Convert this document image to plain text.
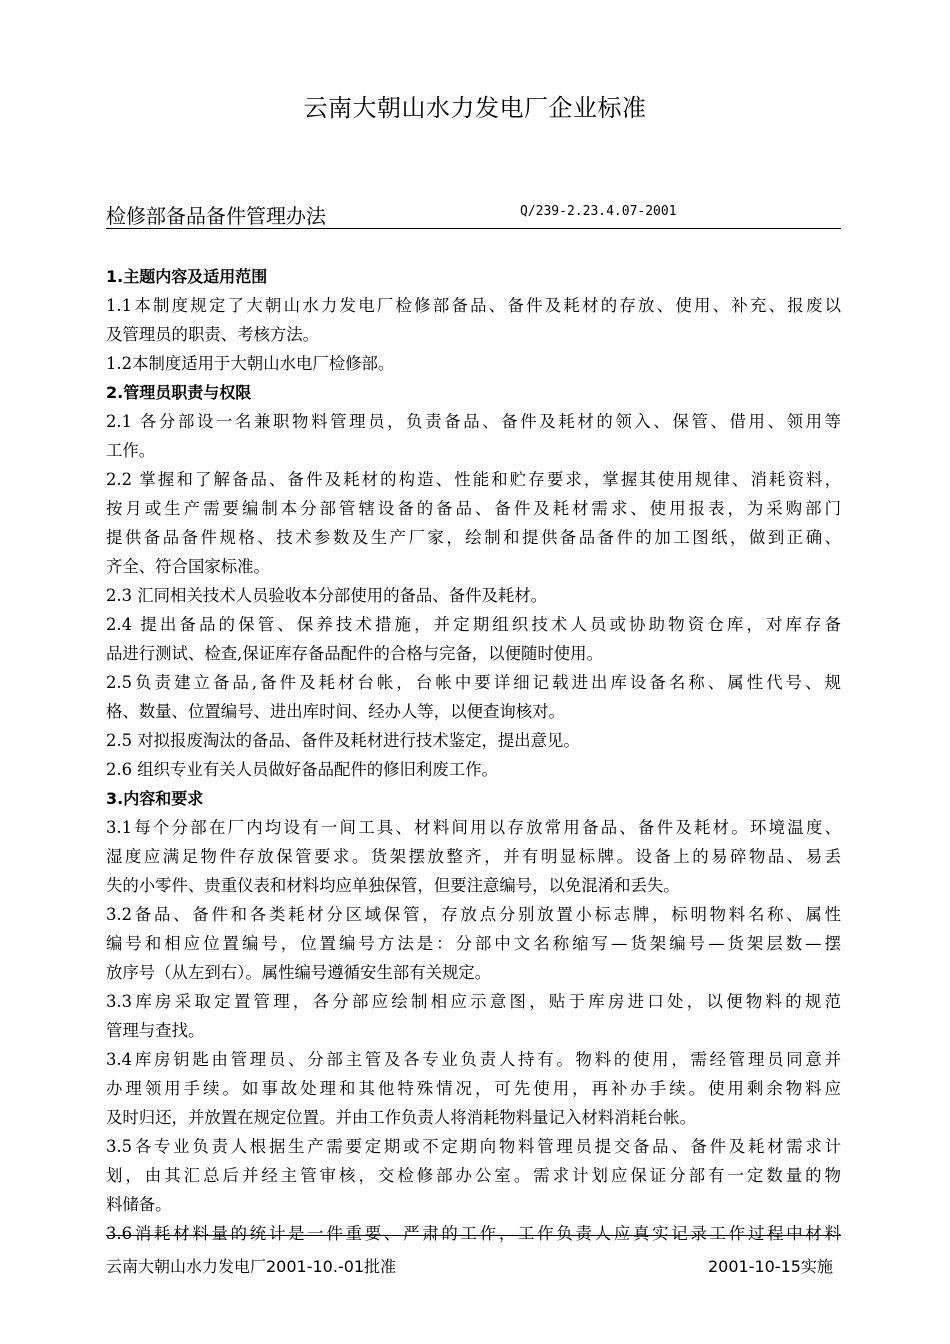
云南大朝山水力发电厂企业标准
检修部备品备件管理办法	Q/239-2.23.4.07-2001
1.主题内容及适用范围
1.1本制度规定了大朝山水力发电厂检修部备品、备件及耗材的存放、使用、补充、报废以
及管理员的职责、考核方法。
1.2本制度适用于大朝山水电厂检修部。
2.管理员职责与权限
2.1 各分部设一名兼职物料管理员，负责备品、备件及耗材的领入、保管、借用、领用等
工作。
2.2 掌握和了解备品、备件及耗材的构造、性能和贮存要求，掌握其使用规律、消耗资料，
按月或生产需要编制本分部管辖设备的备品、备件及耗材需求、使用报表，为采购部门
提供备品备件规格、技术参数及生产厂家，绘制和提供备品备件的加工图纸，做到正确、
齐全、符合国家标准。
2.3 汇同相关技术人员验收本分部使用的备品、备件及耗材。
2.4 提出备品的保管、保养技术措施，并定期组织技术人员或协助物资仓库，对库存备
品进行测试、检查,保证库存备品配件的合格与完备，以便随时使用。
2.5负责建立备品,备件及耗材台帐，台帐中要详细记载进出库设备名称、属性代号、规
格、数量、位置编号、进出库时间、经办人等，以便查询核对。
2.5 对拟报废淘汰的备品、备件及耗材进行技术鉴定，提出意见。
2.6 组织专业有关人员做好备品配件的修旧利废工作。
3.内容和要求
3.1每个分部在厂内均设有一间工具、材料间用以存放常用备品、备件及耗材。环境温度、
湿度应满足物件存放保管要求。货架摆放整齐，并有明显标牌。设备上的易碎物品、易丢
失的小零件、贵重仪表和材料均应单独保管，但要注意编号，以免混淆和丢失。
3.2备品、备件和各类耗材分区域保管，存放点分别放置小标志牌，标明物料名称、属性
编号和相应位置编号，位置编号方法是：分部中文名称缩写—货架编号—货架层数—摆
放序号（从左到右）。属性编号遵循安生部有关规定。
3.3库房采取定置管理，各分部应绘制相应示意图，贴于库房进口处，以便物料的规范
管理与查找。
3.4库房钥匙由管理员、分部主管及各专业负责人持有。物料的使用，需经管理员同意并
办理领用手续。如事故处理和其他特殊情况，可先使用，再补办手续。使用剩余物料应
及时归还，并放置在规定位置。并由工作负责人将消耗物料量记入材料消耗台帐。
3.5各专业负责人根据生产需要定期或不定期向物料管理员提交备品、备件及耗材需求计
划，由其汇总后并经主管审核，交检修部办公室。需求计划应保证分部有一定数量的物
料储备。
3.6消耗材料量的统计是一件重要、严肃的工作，工作负责人应真实记录工作过程中材料
云南大朝山水力发电厂2001-10.-01批准	2001-10-15实施
